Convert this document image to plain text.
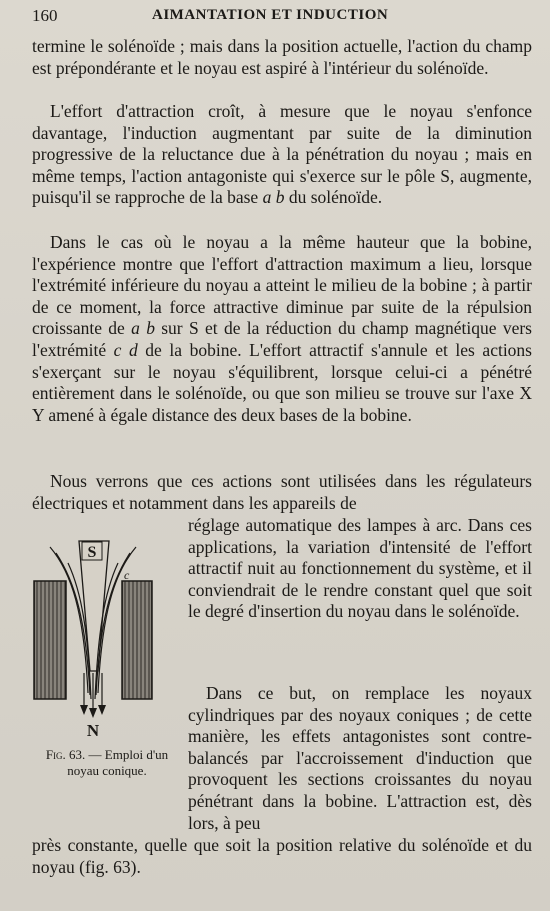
160	AIMANTATION ET INDUCTION
termine le solénoïde ; mais dans la position actuelle, l'action du champ est prépondérante et le noyau est aspiré à l'intérieur du solénoïde.
L'effort d'attraction croît, à mesure que le noyau s'enfonce davantage, l'induction augmentant par suite de la diminution progressive de la reluctance due à la pénétration du noyau ; mais en même temps, l'action antagoniste qui s'exerce sur le pôle S, augmente, puisqu'il se rapproche de la base a b du solénoïde.
Dans le cas où le noyau a la même hauteur que la bobine, l'expérience montre que l'effort d'attraction maximum a lieu, lorsque l'extrémité inférieure du noyau a atteint le milieu de la bobine ; à partir de ce moment, la force attractive diminue par suite de la répulsion croissante de a b sur S et de la réduction du champ magnétique vers l'extrémité c d de la bobine. L'effort attractif s'annule et les actions s'exerçant sur le noyau s'équilibrent, lorsque celui-ci a pénétré entièrement dans le solénoïde, ou que son milieu se trouve sur l'axe X Y amené à égale distance des deux bases de la bobine.
Nous verrons que ces actions sont utilisées dans les régulateurs électriques et notamment dans les appareils de
S
c
N
Fig. 63. — Emploi d'un noyau conique.
réglage automatique des lampes à arc. Dans ces applications, la variation d'intensité de l'effort attractif nuit au fonctionnement du système, et il conviendrait de le rendre constant quel que soit le degré d'insertion du noyau dans le solénoïde.
Dans ce but, on remplace les noyaux cylindriques par des noyaux coniques ; de cette manière, les effets antagonistes sont contre-balancés par l'accroissement d'induction que provoquent les sections croissantes du noyau pénétrant dans la bobine. L'attraction est, dès lors, à peu
près constante, quelle que soit la position relative du solénoïde et du noyau (fig. 63).
